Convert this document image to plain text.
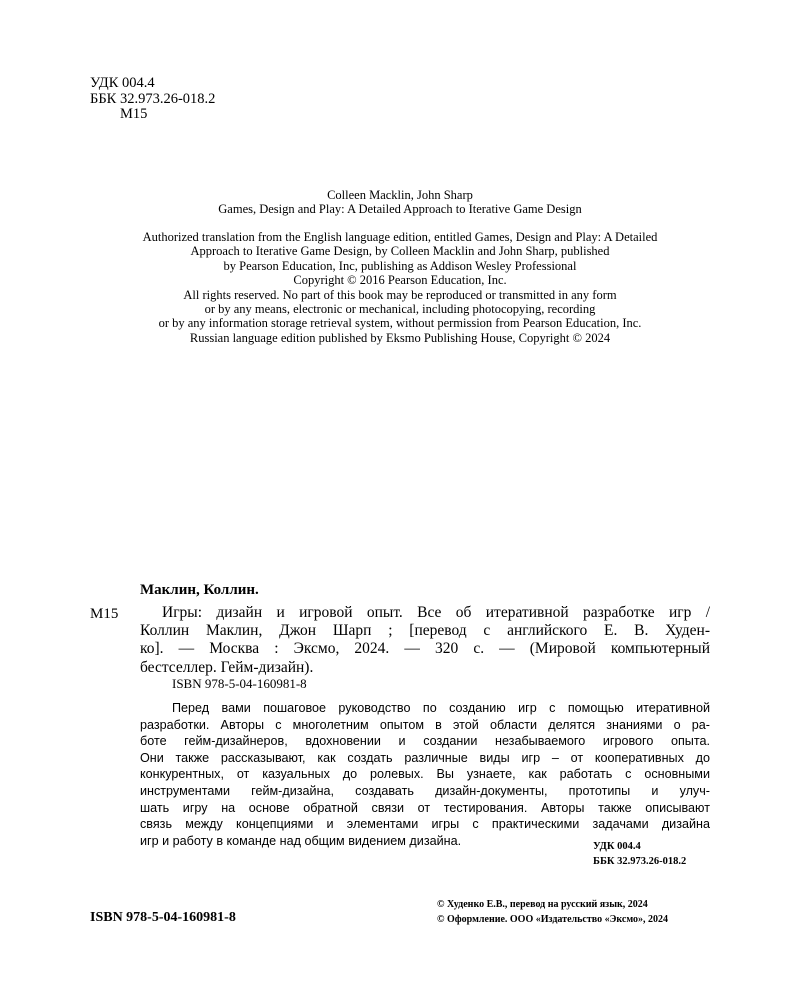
УДК 004.4
ББК 32.973.26-018.2
М15
Colleen Macklin, John Sharp
Games, Design and Play: A Detailed Approach to Iterative Game Design
Authorized translation from the English language edition, entitled Games, Design and Play: A Detailed
Approach to Iterative Game Design, by Colleen Macklin and John Sharp, published
by Pearson Education, Inc, publishing as Addison Wesley Professional
Copyright © 2016 Pearson Education, Inc.
All rights reserved. No part of this book may be reproduced or transmitted in any form
or by any means, electronic or mechanical, including photocopying, recording
or by any information storage retrieval system, without permission from Pearson Education, Inc.
Russian language edition published by Eksmo Publishing House, Copyright © 2024
Маклин, Коллин.
М15	Игры: дизайн и игровой опыт. Все об итеративной разработке игр /
Коллин Маклин, Джон Шарп ; [перевод с английского Е. В. Худен-
ко]. — Москва : Эксмо, 2024. — 320 с. — (Мировой компьютерный
бестселлер. Гейм-дизайн).
ISBN 978-5-04-160981-8
Перед вами пошаговое руководство по созданию игр с помощью итеративной
разработки. Авторы с многолетним опытом в этой области делятся знаниями о ра-
боте гейм-дизайнеров, вдохновении и создании незабываемого игрового опыта.
Они также рассказывают, как создать различные виды игр – от кооперативных до
конкурентных, от казуальных до ролевых. Вы узнаете, как работать с основными
инструментами гейм-дизайна, создавать дизайн-документы, прототипы и улуч-
шать игру на основе обратной связи от тестирования. Авторы также описывают
связь между концепциями и элементами игры с практическими задачами дизайна
игр и работу в команде над общим видением дизайна.	УДК 004.4
ББК 32.973.26-018.2
ISBN 978-5-04-160981-8
© Худенко Е.В., перевод на русский язык, 2024
© Оформление. ООО «Издательство «Эксмо», 2024
